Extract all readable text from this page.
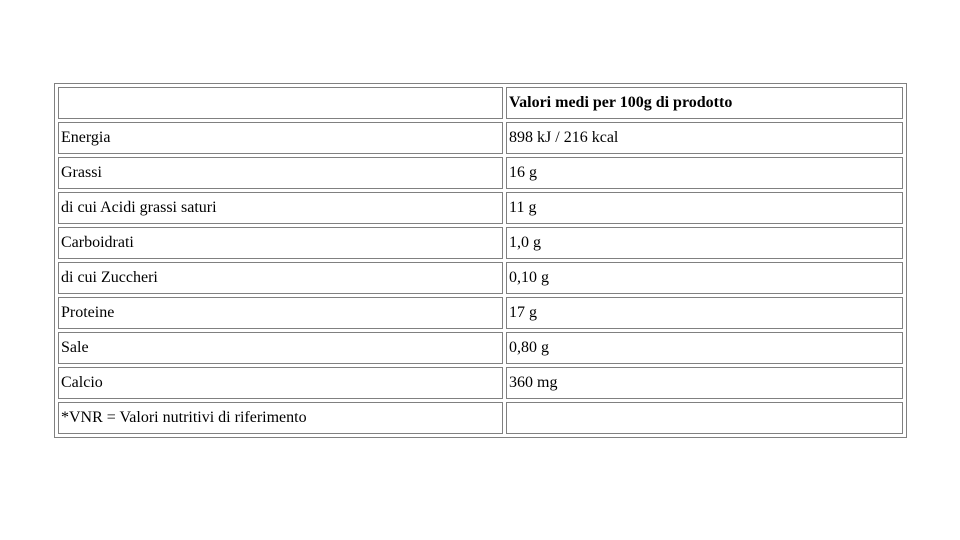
	Valori medi per 100g di prodotto
Energia	898 kJ / 216 kcal
Grassi	16 g
di cui Acidi grassi saturi	11 g
Carboidrati	1,0 g
di cui Zuccheri	0,10 g
Proteine	17 g
Sale	0,80 g
Calcio	360 mg
*VNR = Valori nutritivi di riferimento	
